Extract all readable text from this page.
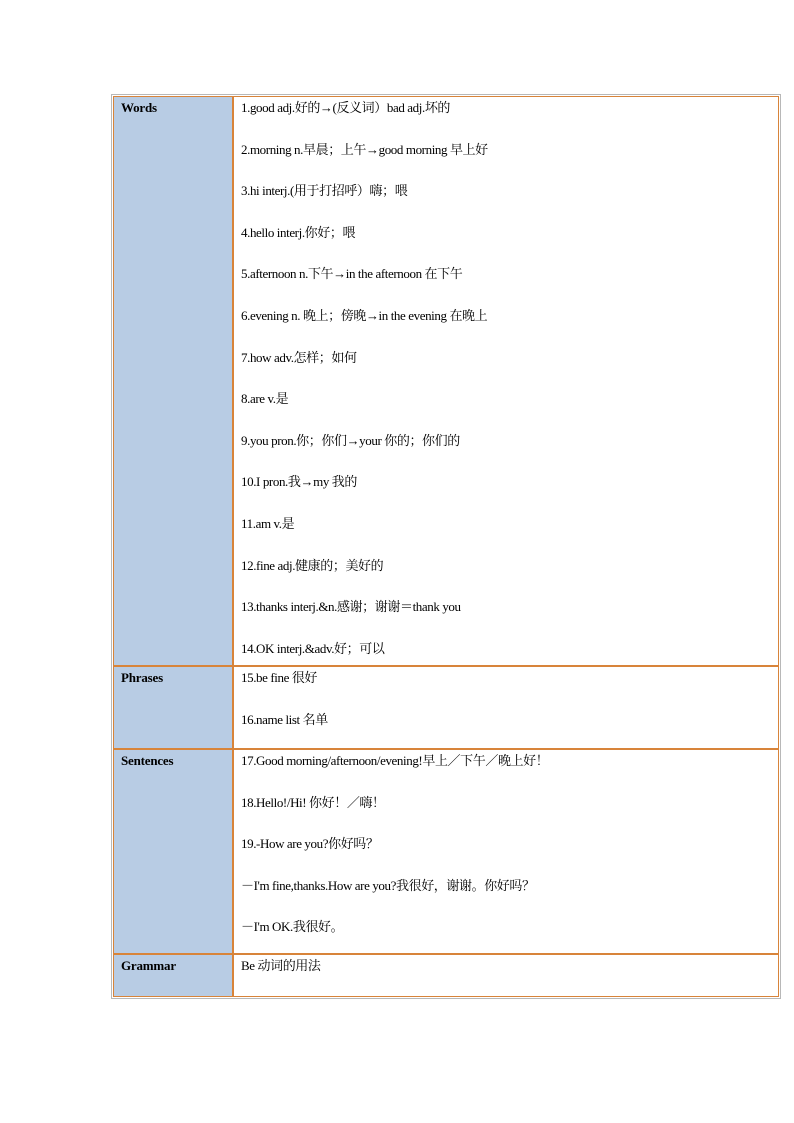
Words	1.good adj.好的→(反义词）bad adj.坏的
2.morning n.早晨；上午→good morning 早上好
3.hi interj.(用于打招呼）嗨；喂
4.hello interj.你好；喂
5.afternoon n.下午→in the afternoon 在下午
6.evening n. 晚上；傍晚→in the evening 在晚上
7.how adv.怎样；如何
8.are v.是
9.you pron.你；你们→your 你的；你们的
10.I pron.我→my 我的
11.am v.是
12.fine adj.健康的；美好的
13.thanks interj.&n.感谢；谢谢＝thank you
14.OK interj.&adv.好；可以
Phrases	15.be fine 很好
16.name list 名单
Sentences	17.Good morning/afternoon/evening!早上／下午／晚上好！
18.Hello!/Hi! 你好！／嗨！
19.-How are you?你好吗？
－I'm fine,thanks.How are you?我很好，谢谢。你好吗？
－I'm OK.我很好。
Grammar	Be 动词的用法
